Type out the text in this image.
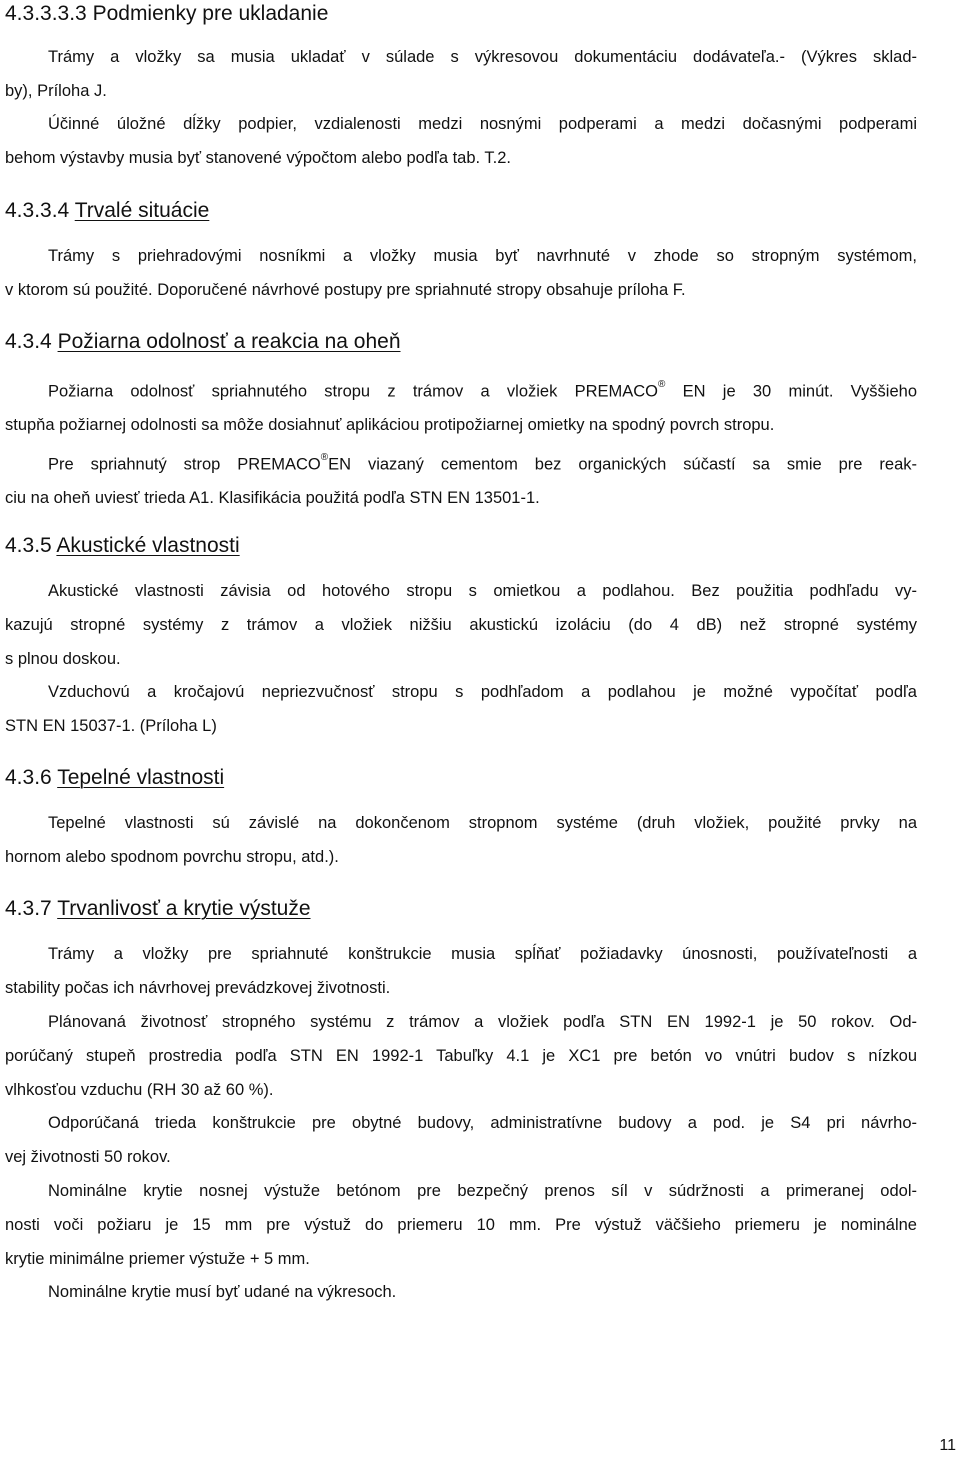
4.3.3.3.3 Podmienky pre ukladanie
Trámy a vložky sa musia ukladať v súlade s výkresovou dokumentáciu dodávateľa.- (Výkres sklad-
by), Príloha J.
Účinné úložné dĺžky podpier, vzdialenosti medzi nosnými podperami a medzi dočasnými podperami
behom výstavby musia byť stanovené výpočtom alebo podľa tab. T.2.
4.3.3.4 Trvalé situácie
Trámy s priehradovými nosníkmi a vložky musia byť navrhnuté v zhode so stropným systémom,
v ktorom sú použité. Doporučené návrhové postupy pre spriahnuté stropy obsahuje príloha F.
4.3.4 Požiarna odolnosť a reakcia na oheň
Požiarna odolnosť spriahnutého stropu z trámov a vložiek PREMACO® EN je 30 minút. Vyššieho
stupňa požiarnej odolnosti sa môže dosiahnuť aplikáciou protipožiarnej omietky na spodný povrch stropu.
Pre spriahnutý strop PREMACO®EN viazaný cementom bez organických súčastí sa smie pre reak-
ciu na oheň uviesť trieda A1. Klasifikácia použitá podľa STN EN 13501-1.
4.3.5 Akustické vlastnosti
Akustické vlastnosti závisia od hotového stropu s omietkou a podlahou. Bez použitia podhľadu vy-
kazujú stropné systémy z trámov a vložiek nižšiu akustickú izoláciu (do 4 dB) než stropné systémy
s plnou doskou.
Vzduchovú a kročajovú nepriezvučnosť stropu s podhľadom a podlahou je možné vypočítať podľa
STN EN 15037-1. (Príloha L)
4.3.6 Tepelné vlastnosti
Tepelné vlastnosti sú závislé na dokončenom stropnom systéme (druh vložiek, použité prvky na
hornom alebo spodnom povrchu stropu, atd.).
4.3.7 Trvanlivosť a krytie výstuže
Trámy a vložky pre spriahnuté konštrukcie musia spĺňať požiadavky únosnosti, používateľnosti a
stability počas ich návrhovej prevádzkovej životnosti.
Plánovaná životnosť stropného systému z trámov a vložiek podľa STN EN 1992-1 je 50 rokov. Od-
porúčaný stupeň prostredia podľa STN EN 1992-1 Tabuľky 4.1 je XC1 pre betón vo vnútri budov s nízkou
vlhkosťou vzduchu (RH 30 až 60 %).
Odporúčaná trieda konštrukcie pre obytné budovy, administratívne budovy a pod. je S4 pri návrho-
vej životnosti 50 rokov.
Nominálne krytie nosnej výstuže betónom pre bezpečný prenos síl v súdržnosti a primeranej odol-
nosti voči požiaru je 15 mm pre výstuž do priemeru 10 mm. Pre výstuž väčšieho priemeru je nominálne
krytie minimálne priemer výstuže + 5 mm.
Nominálne krytie musí byť udané na výkresoch.
11
